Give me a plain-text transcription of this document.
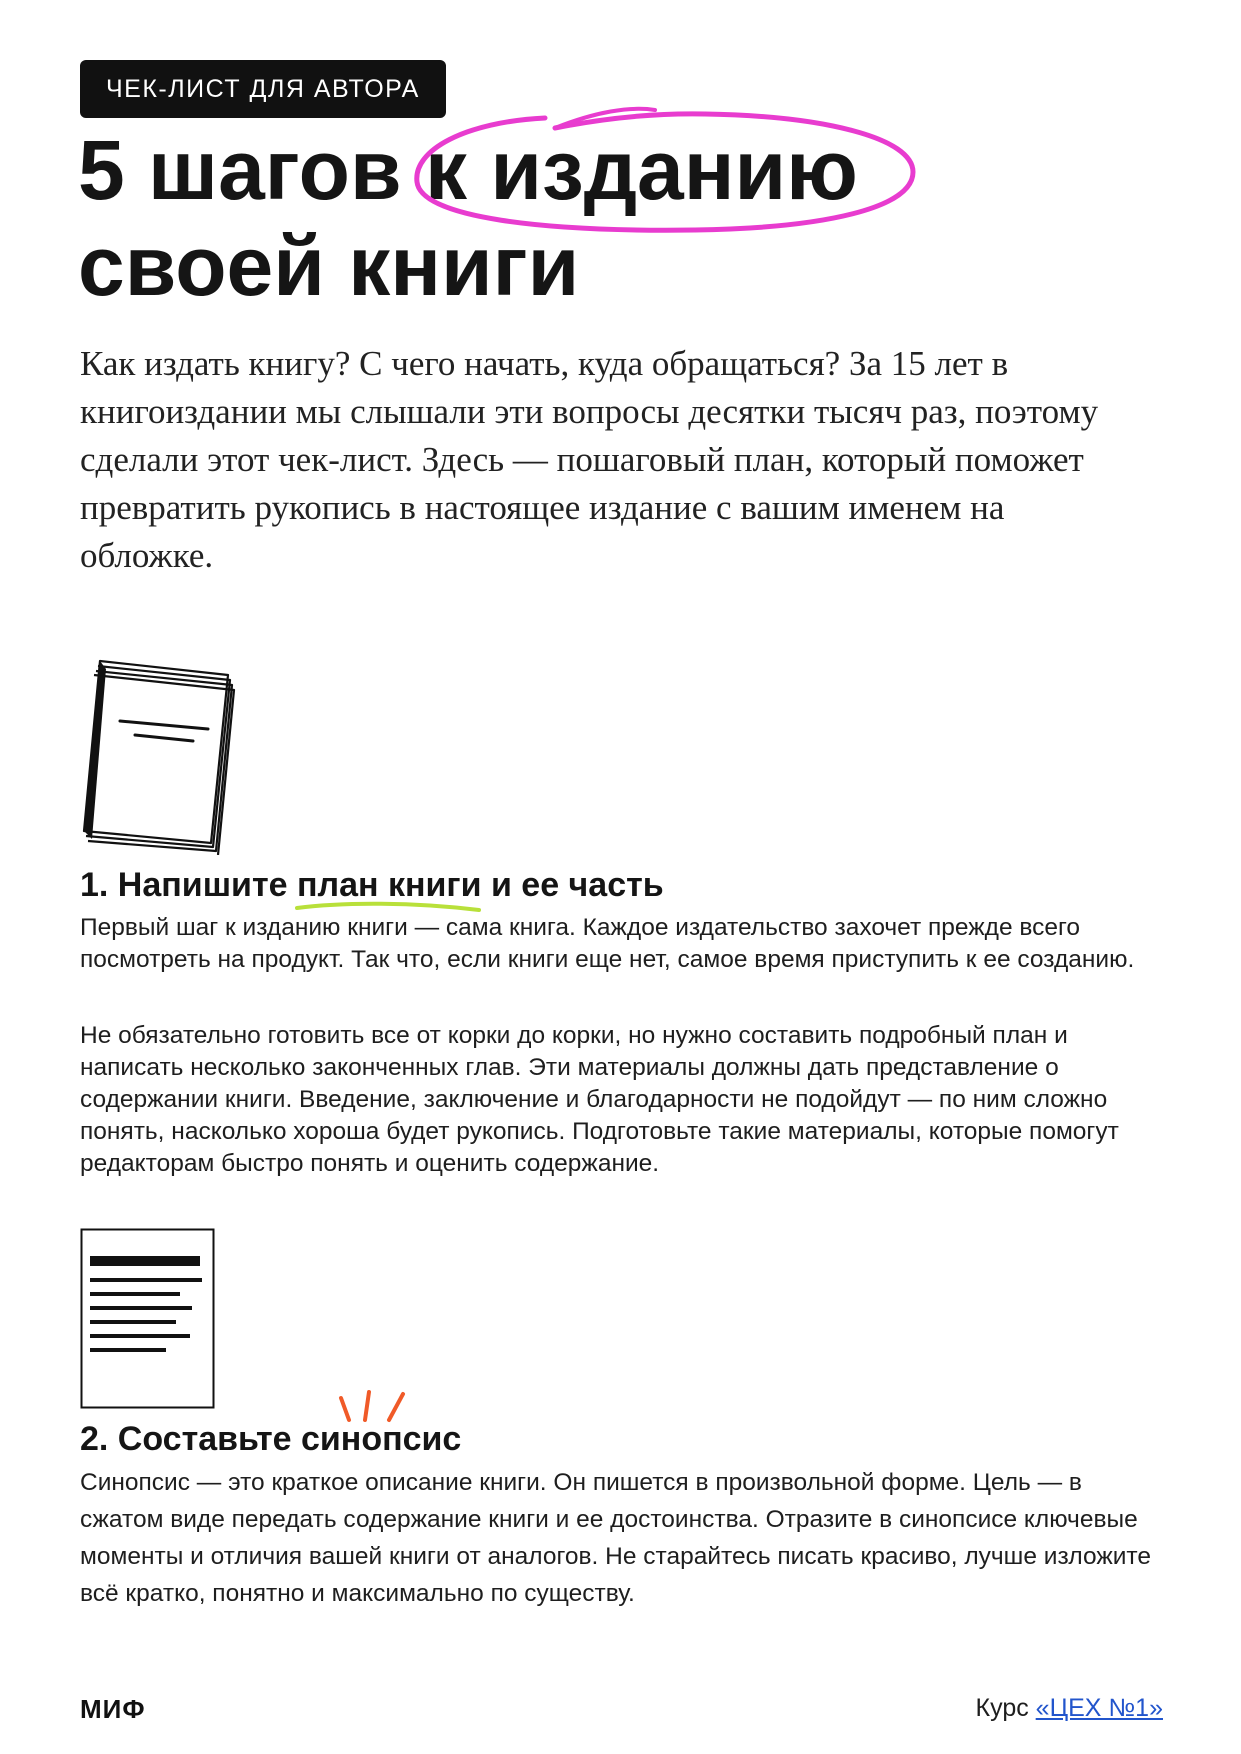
ЧЕК-ЛИСТ ДЛЯ АВТОРА
5 шагов к изданию
своей книги

Как издать книгу? С чего начать, куда обращаться? За 15 лет в книгоиздании мы слышали эти вопросы десятки тысяч раз, поэтому сделали этот чек-лист. Здесь — пошаговый план, который поможет превратить рукопись в настоящее издание с вашим именем на обложке.

1. Напишите план книги
и ее часть

Первый шаг к изданию книги — сама книга. Каждое издательство захочет прежде всего посмотреть на продукт. Так что, если книги еще нет, самое время приступить к ее созданию.

Не обязательно готовить все от корки до корки, но нужно составить подробный план и написать несколько законченных глав. Эти материалы должны дать представление о содержании книги. Введение, заключение и благодарности не подойдут — по ним сложно понять, насколько хороша будет рукопись. Подготовьте такие материалы, которые помогут редакторам быстро понять и оценить содержание.

2. Составьте
синопсис

Синопсис — это краткое описание книги. Он пишется в произвольной форме. Цель — в сжатом виде передать содержание книги и ее достоинства. Отразите в синопсисе ключевые моменты и отличия вашей книги от аналогов. Не старайтесь писать красиво, лучше изложите всё кратко, понятно и максимально по существу.

МИФ	Курс «ЦЕХ №1»
